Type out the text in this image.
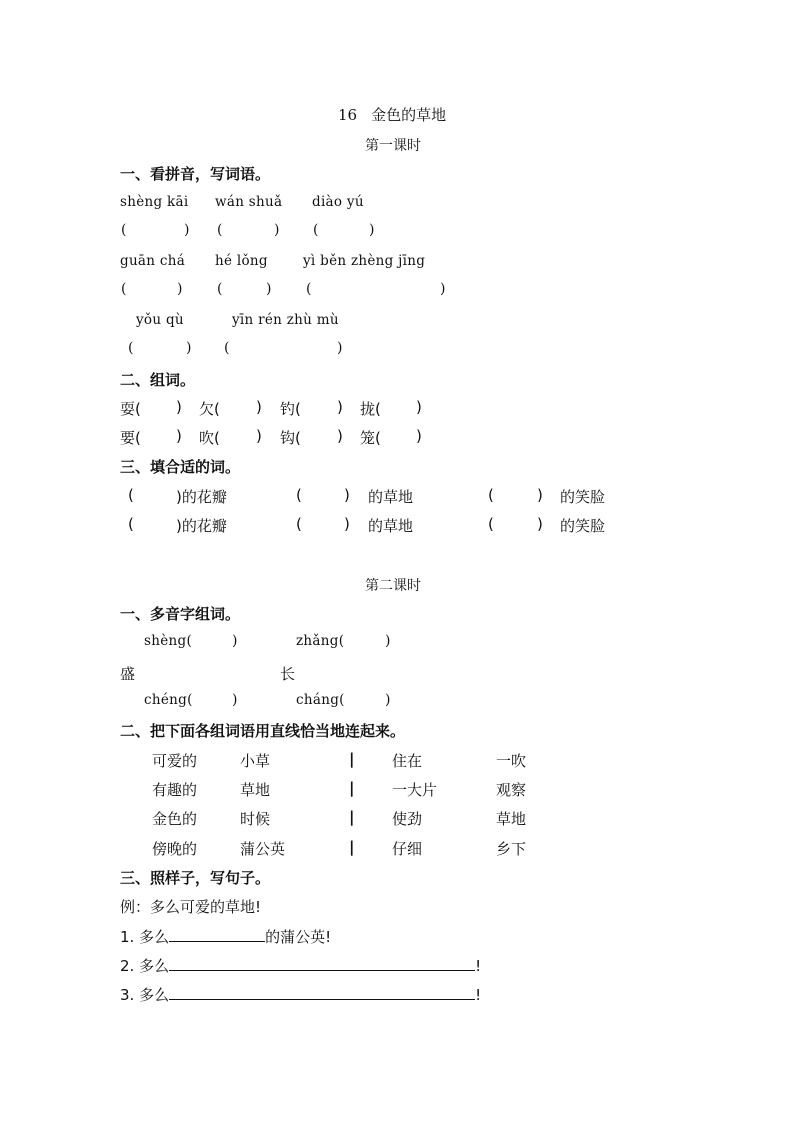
16 金色的草地
第一课时
一、看拼音，写词语。
shèng kāi wán shuǎ diào yú
(	) (	) (	)
guān chá hé lǒng	yì běn zhèng jīng
(	) (	) (	)
yǒu qù	yīn rén zhù mù
(	) (	)
二、组词。
耍( ) 欠( ) 钓( ) 拢( )
要( ) 吹( ) 钩( ) 笼( )
三、填合适的词。
(	)的花瓣	(	) 的草地	(	) 的笑脸
(	)的花瓣	(	) 的草地	(	) 的笑脸
第二课时
一、多音字组词。
shèng(	)	zhǎng(	)
盛	长
chéng(	)	cháng(	)
二、把下面各组词语用直线恰当地连起来。
可爱的	小草	|	住在	一吹
有趣的	草地	|	一大片	观察
金色的	时候	|	使劲	草地
傍晚的	蒲公英	|	仔细	乡下
三、照样子，写句子。
例：多么可爱的草地!
1. 多么	的蒲公英!
2. 多么	!
3. 多么	!
